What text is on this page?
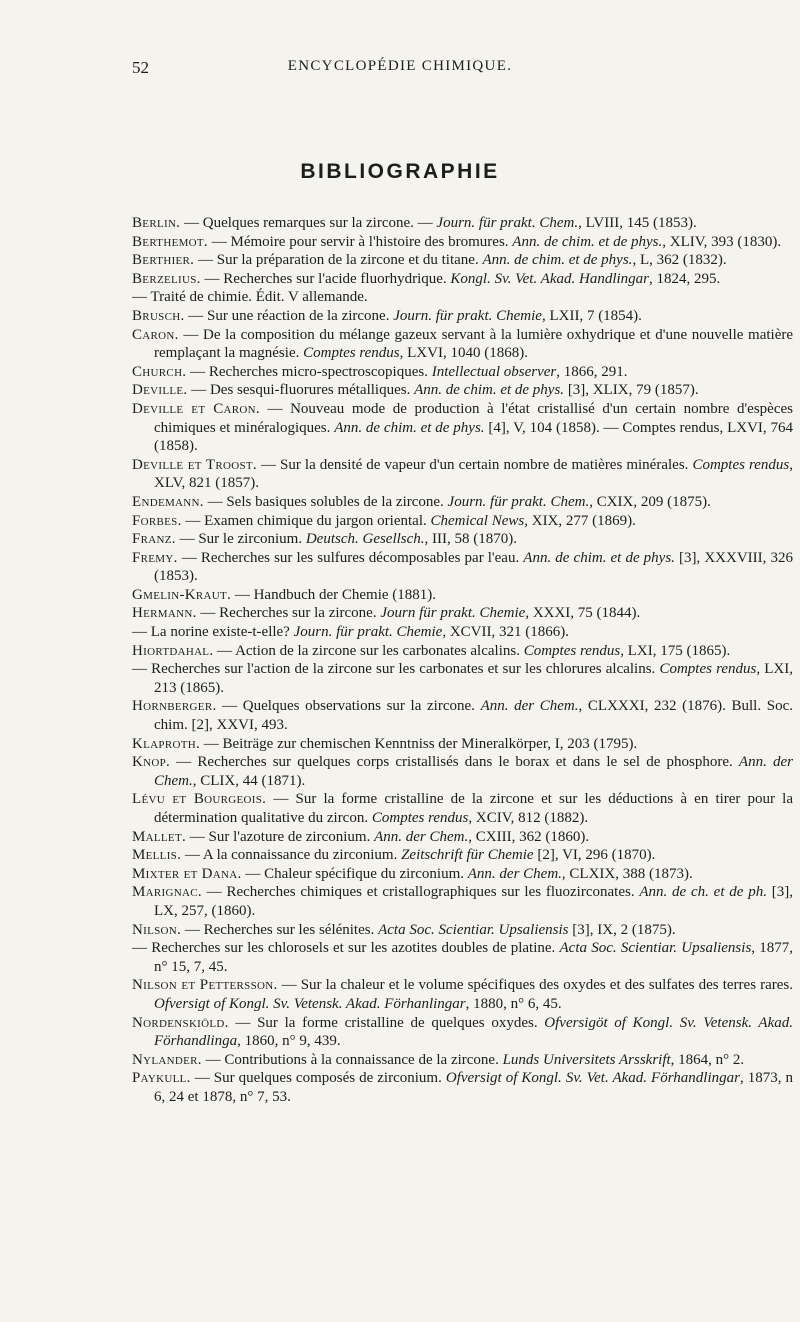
52	ENCYCLOPÉDIE CHIMIQUE.
BIBLIOGRAPHIE

Berlin. — Quelques remarques sur la zircone. — Journ. für prakt. Chem., LVIII, 145 (1853).

Berthemot. — Mémoire pour servir à l'histoire des bromures. Ann. de chim. et de phys., XLIV, 393 (1830).

Berthier. — Sur la préparation de la zircone et du titane. Ann. de chim. et de phys., L, 362 (1832).

Berzelius. — Recherches sur l'acide fluorhydrique. Kongl. Sv. Vet. Akad. Handlingar, 1824, 295.

— Traité de chimie. Édit. V allemande.

Brusch. — Sur une réaction de la zircone. Journ. für prakt. Chemie, LXII, 7 (1854).

Caron. — De la composition du mélange gazeux servant à la lumière oxhydrique et d'une nouvelle matière remplaçant la magnésie. Comptes rendus, LXVI, 1040 (1868).

Church. — Recherches micro-spectroscopiques. Intellectual observer, 1866, 291.

Deville. — Des sesqui-fluorures métalliques. Ann. de chim. et de phys. [3], XLIX, 79 (1857).

Deville et Caron. — Nouveau mode de production à l'état cristallisé d'un certain nombre d'espèces chimiques et minéralogiques. Ann. de chim. et de phys. [4], V, 104 (1858). — Comptes rendus, LXVI, 764 (1858).

Deville et Troost. — Sur la densité de vapeur d'un certain nombre de matières minérales. Comptes rendus, XLV, 821 (1857).

Endemann. — Sels basiques solubles de la zircone. Journ. für prakt. Chem., CXIX, 209 (1875).

Forbes. — Examen chimique du jargon oriental. Chemical News, XIX, 277 (1869).

Franz. — Sur le zirconium. Deutsch. Gesellsch., III, 58 (1870).

Fremy. — Recherches sur les sulfures décomposables par l'eau. Ann. de chim. et de phys. [3], XXXVIII, 326 (1853).

Gmelin-Kraut. — Handbuch der Chemie (1881).

Hermann. — Recherches sur la zircone. Journ für prakt. Chemie, XXXI, 75 (1844).

— La norine existe-t-elle? Journ. für prakt. Chemie, XCVII, 321 (1866).

Hiortdahal. — Action de la zircone sur les carbonates alcalins. Comptes rendus, LXI, 175 (1865).

— Recherches sur l'action de la zircone sur les carbonates et sur les chlorures alcalins. Comptes rendus, LXI, 213 (1865).

Hornberger. — Quelques observations sur la zircone. Ann. der Chem., CLXXXI, 232 (1876). Bull. Soc. chim. [2], XXVI, 493.

Klaproth. — Beiträge zur chemischen Kenntniss der Mineralkörper, I, 203 (1795).

Knop. — Recherches sur quelques corps cristallisés dans le borax et dans le sel de phosphore. Ann. der Chem., CLIX, 44 (1871).

Lévu et Bourgeois. — Sur la forme cristalline de la zircone et sur les déductions à en tirer pour la détermination qualitative du zircon. Comptes rendus, XCIV, 812 (1882).

Mallet. — Sur l'azoture de zirconium. Ann. der Chem., CXIII, 362 (1860).

Mellis. — A la connaissance du zirconium. Zeitschrift für Chemie [2], VI, 296 (1870).

Mixter et Dana. — Chaleur spécifique du zirconium. Ann. der Chem., CLXIX, 388 (1873).

Marignac. — Recherches chimiques et cristallographiques sur les fluozirconates. Ann. de ch. et de ph. [3], LX, 257, (1860).

Nilson. — Recherches sur les sélénites. Acta Soc. Scientiar. Upsaliensis [3], IX, 2 (1875).

— Recherches sur les chlorosels et sur les azotites doubles de platine. Acta Soc. Scientiar. Upsaliensis, 1877, n° 15, 7, 45.

Nilson et Pettersson. — Sur la chaleur et le volume spécifiques des oxydes et des sulfates des terres rares. Ofversigt of Kongl. Sv. Vetensk. Akad. Förhanlingar, 1880, n° 6, 45.

Nordenskiöld. — Sur la forme cristalline de quelques oxydes. Ofversigöt of Kongl. Sv. Vetensk. Akad. Förhandlinga, 1860, n° 9, 439.

Nylander. — Contributions à la connaissance de la zircone. Lunds Universitets Arsskrift, 1864, n° 2.

Paykull. — Sur quelques composés de zirconium. Ofversigt of Kongl. Sv. Vet. Akad. Förhandlingar, 1873, n 6, 24 et 1878, n° 7, 53.
